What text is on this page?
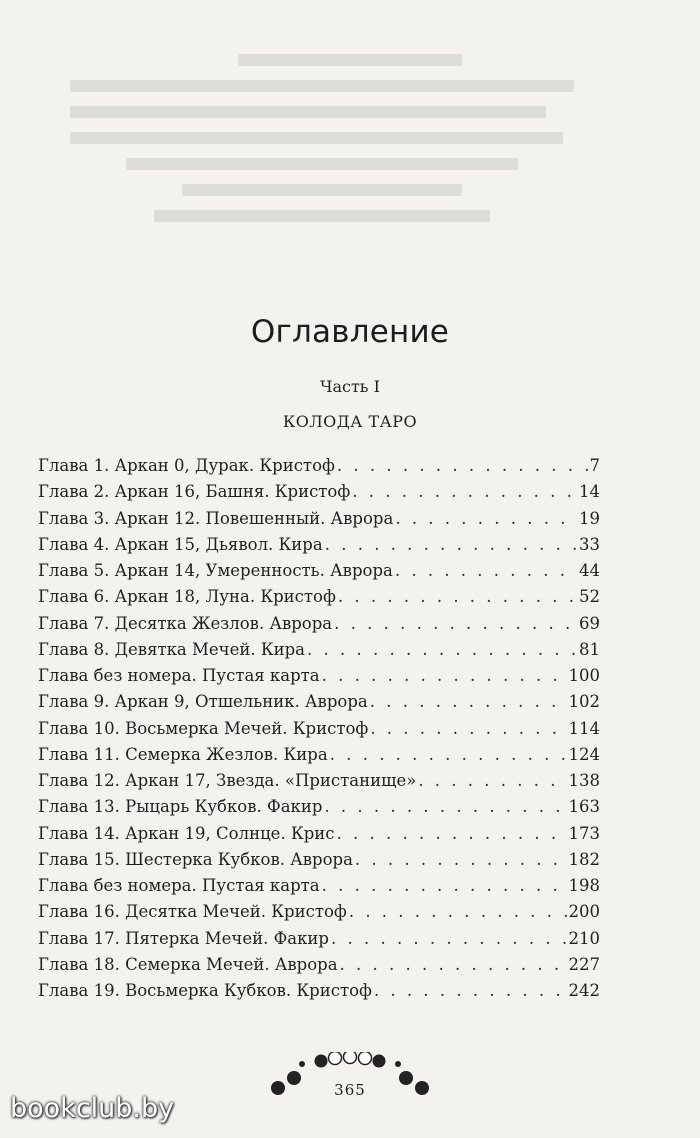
Оглавление
Часть I
КОЛОДА ТАРО
Глава 1. Аркан 0, Дурак. Кристоф . . .	7
Глава 2. Аркан 16, Башня. Кристоф . . .	14
Глава 3. Аркан 12. Повешенный. Аврора . . .	19
Глава 4. Аркан 15, Дьявол. Кира . . .	33
Глава 5. Аркан 14, Умеренность. Аврора . . .	44
Глава 6. Аркан 18, Луна. Кристоф . . .	52
Глава 7. Десятка Жезлов. Аврора . . .	69
Глава 8. Девятка Мечей. Кира . . .	81
Глава без номера. Пустая карта . . .	100
Глава 9. Аркан 9, Отшельник. Аврора . . .	102
Глава 10. Восьмерка Мечей. Кристоф . . .	114
Глава 11. Семерка Жезлов. Кира . . .	124
Глава 12. Аркан 17, Звезда. «Пристанище» . . .	138
Глава 13. Рыцарь Кубков. Факир . . .	163
Глава 14. Аркан 19, Солнце. Крис . . .	173
Глава 15. Шестерка Кубков. Аврора . . .	182
Глава без номера. Пустая карта . . .	198
Глава 16. Десятка Мечей. Кристоф . . .	200
Глава 17. Пятерка Мечей. Факир . . .	210
Глава 18. Семерка Мечей. Аврора . . .	227
Глава 19. Восьмерка Кубков. Кристоф . . .	242
365
bookclub.by
